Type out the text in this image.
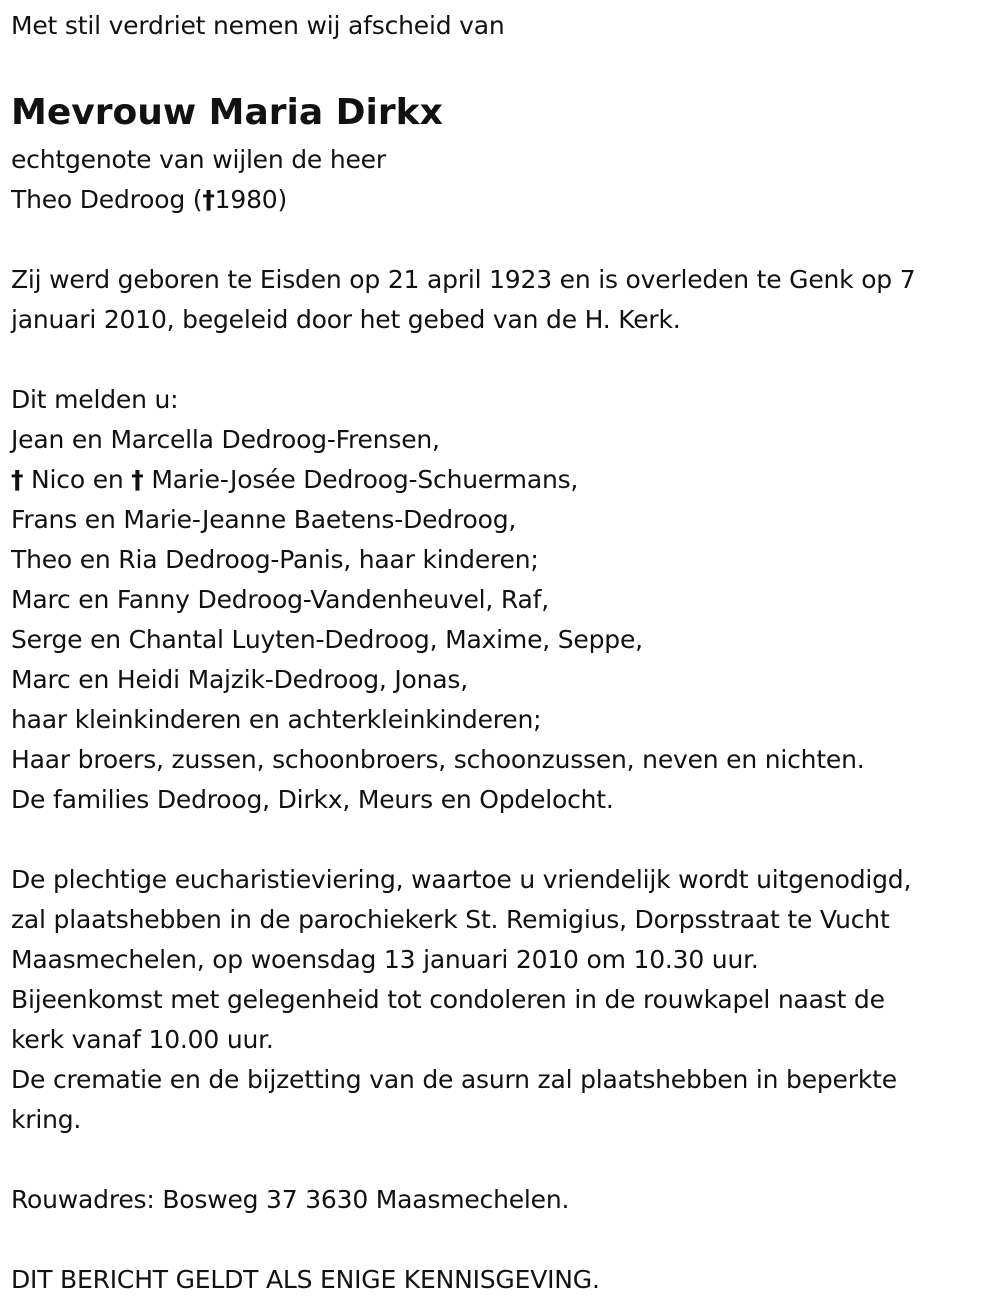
Met stil verdriet nemen wij afscheid van

Mevrouw Maria Dirkx

echtgenote van wijlen de heer

Theo Dedroog (†1980)

Zij werd geboren te Eisden op 21 april 1923 en is overleden te Genk op 7

januari 2010, begeleid door het gebed van de H. Kerk.

Dit melden u:

Jean en Marcella Dedroog-Frensen,

† Nico en † Marie-Josée Dedroog-Schuermans,

Frans en Marie-Jeanne Baetens-Dedroog,

Theo en Ria Dedroog-Panis, haar kinderen;

Marc en Fanny Dedroog-Vandenheuvel, Raf,

Serge en Chantal Luyten-Dedroog, Maxime, Seppe,

Marc en Heidi Majzik-Dedroog, Jonas,

haar kleinkinderen en achterkleinkinderen;

Haar broers, zussen, schoonbroers, schoonzussen, neven en nichten.

De families Dedroog, Dirkx, Meurs en Opdelocht.

De plechtige eucharistieviering, waartoe u vriendelijk wordt uitgenodigd,

zal plaatshebben in de parochiekerk St. Remigius, Dorpsstraat te Vucht

Maasmechelen, op woensdag 13 januari 2010 om 10.30 uur.

Bijeenkomst met gelegenheid tot condoleren in de rouwkapel naast de

kerk vanaf 10.00 uur.

De crematie en de bijzetting van de asurn zal plaatshebben in beperkte

kring.

Rouwadres: Bosweg 37 3630 Maasmechelen.

DIT BERICHT GELDT ALS ENIGE KENNISGEVING.
